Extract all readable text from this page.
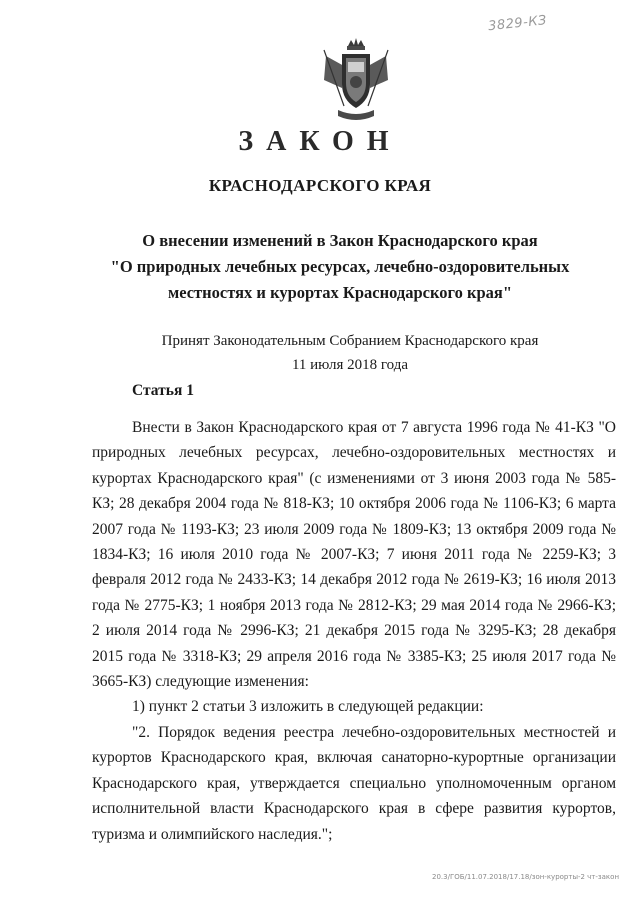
3829-КЗ
ЗАКОН
КРАСНОДАРСКОГО КРАЯ
О внесении изменений в Закон Краснодарского края
"О природных лечебных ресурсах, лечебно-оздоровительных
местностях и курортах Краснодарского края"
Принят Законодательным Собранием Краснодарского края
11 июля 2018 года
Статья 1

Внести в Закон Краснодарского края от 7 августа 1996 года № 41-КЗ "О природных лечебных ресурсах, лечебно-оздоровительных местностях и курортах Краснодарского края" (с изменениями от 3 июня 2003 года № 585-КЗ; 28 декабря 2004 года № 818-КЗ; 10 октября 2006 года № 1106-КЗ; 6 марта 2007 года № 1193-КЗ; 23 июля 2009 года № 1809-КЗ; 13 октября 2009 года № 1834-КЗ; 16 июля 2010 года № 2007-КЗ; 7 июня 2011 года № 2259-КЗ; 3 февраля 2012 года № 2433-КЗ; 14 декабря 2012 года № 2619-КЗ; 16 июля 2013 года № 2775-КЗ; 1 ноября 2013 года № 2812-КЗ; 29 мая 2014 года № 2966-КЗ; 2 июля 2014 года № 2996-КЗ; 21 декабря 2015 года № 3295-КЗ; 28 декабря 2015 года № 3318-КЗ; 29 апреля 2016 года № 3385-КЗ; 25 июля 2017 года № 3665-КЗ) следующие изменения:

1) пункт 2 статьи 3 изложить в следующей редакции:

"2. Порядок ведения реестра лечебно-оздоровительных местностей и курортов Краснодарского края, включая санаторно-курортные организации Краснодарского края, утверждается специально уполномоченным органом исполнительной власти Краснодарского края в сфере развития курортов, туризма и олимпийского наследия.";

20.3/ГОБ/11.07.2018/17.18/зон-курорты-2 чт-закон
